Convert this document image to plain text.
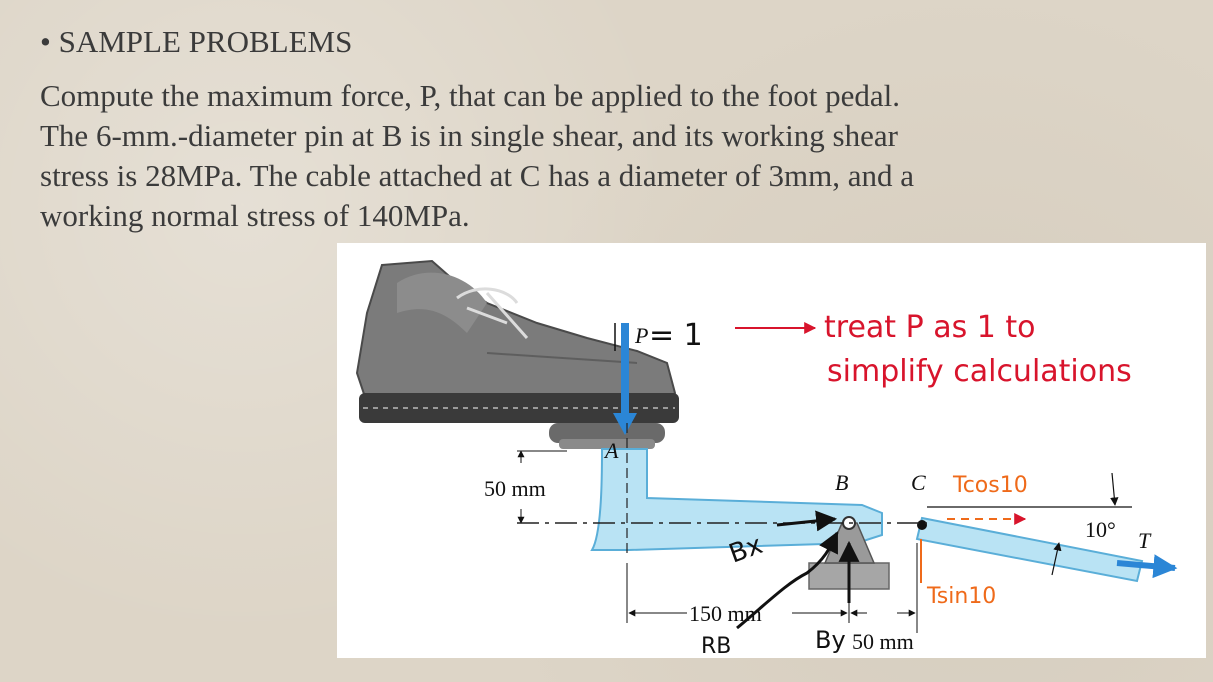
• SAMPLE PROBLEMS

Compute the maximum force, P, that can be applied to the foot pedal.
The 6-mm.-diameter pin at B is in single shear, and its working shear
stress is 28MPa. The cable attached at C has a diameter of 3mm, and a
working normal stress of 140MPa.

50 mm
150 mm
50 mm
A
P
B	C
T
10°
= 1	treat P as 1 to
simplify calculations
Tcos10
Tsin10
Bx
By
RB
